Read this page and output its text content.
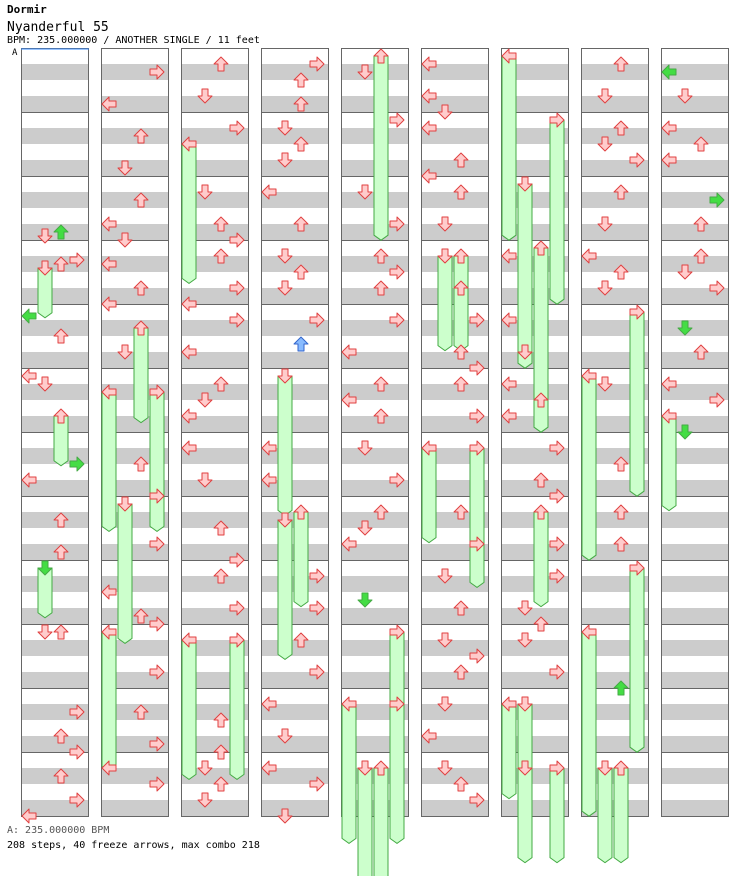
Dormir
Nyanderful 55
BPM: 235.000000 / ANOTHER SINGLE / 11 feet
A
A: 235.000000 BPM
208 steps, 40 freeze arrows, max combo 218
